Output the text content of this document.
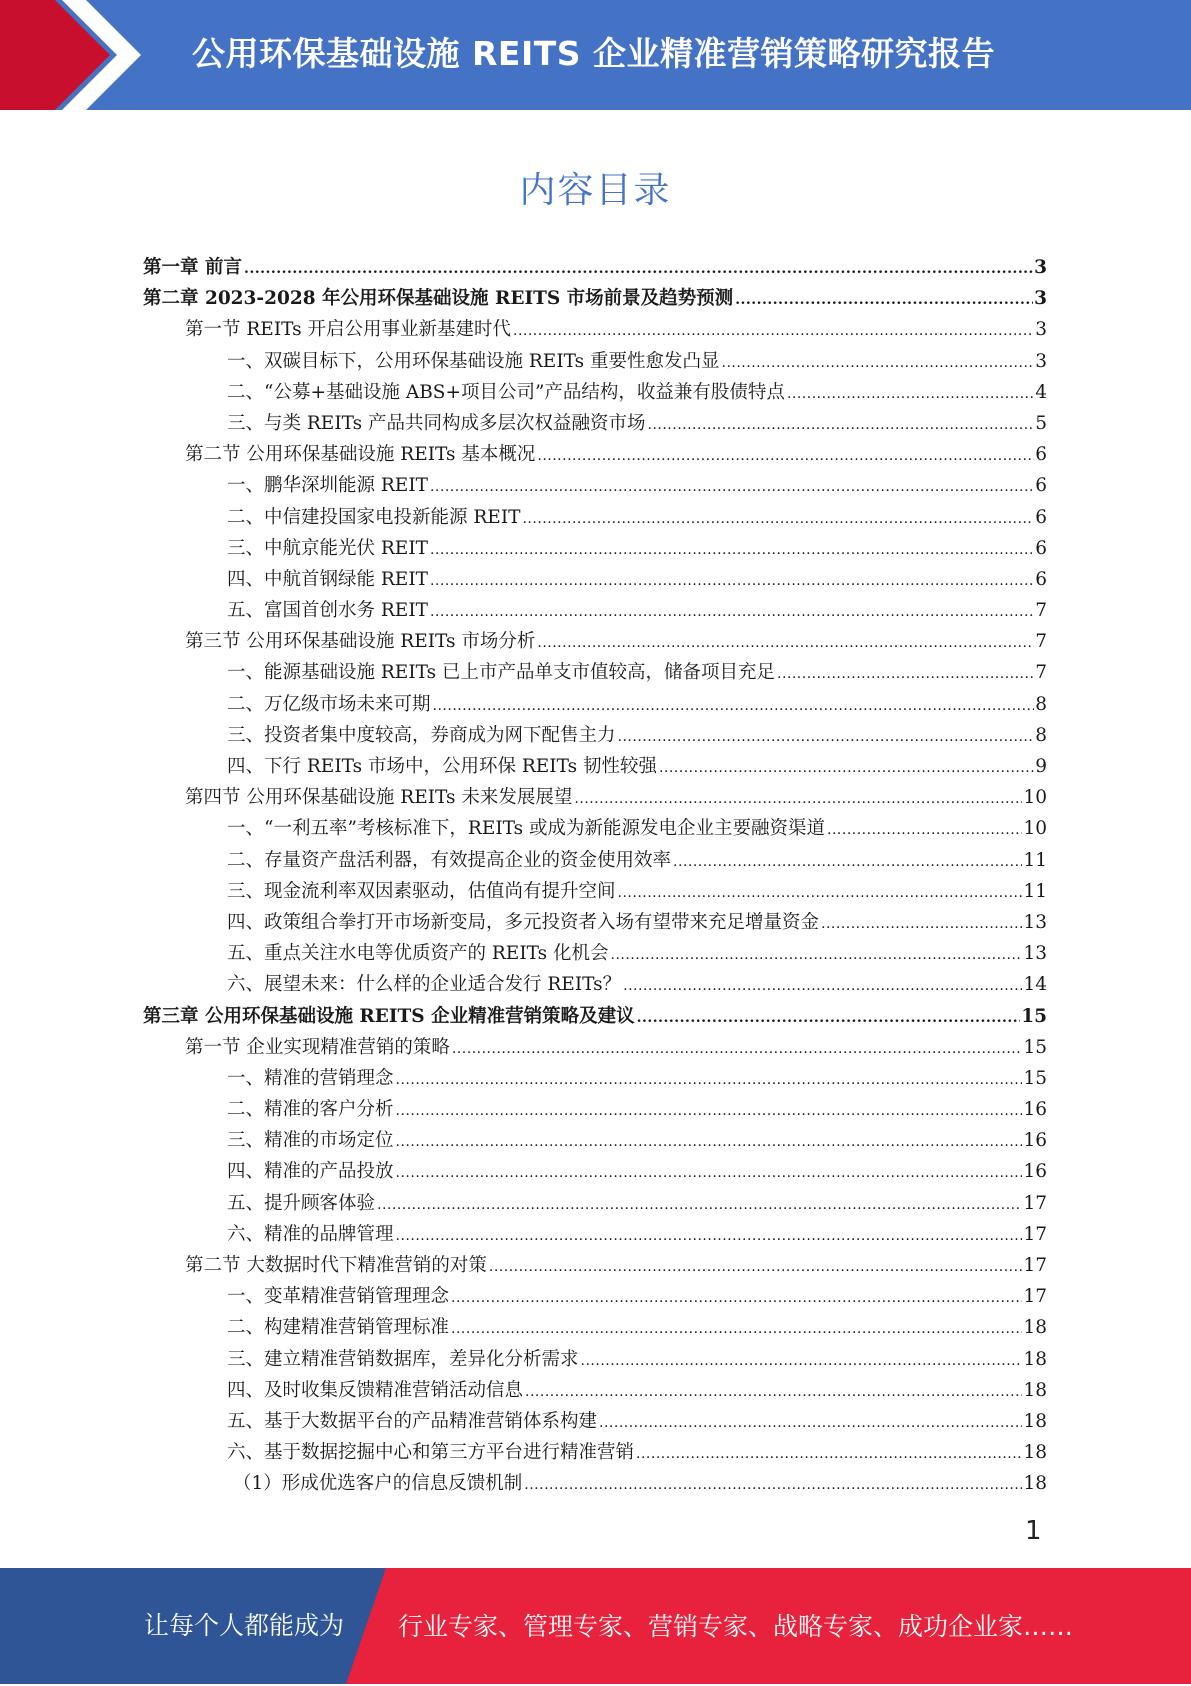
公用环保基础设施 REITS 企业精准营销策略研究报告
内容目录
第一章 前言 .....	3
第二章 2023-2028 年公用环保基础设施 REITS 市场前景及趋势预测 .....	3
第一节 REITs 开启公用事业新基建时代 .....	3
一、双碳目标下，公用环保基础设施 REITs 重要性愈发凸显 .....	3
二、“公募+基础设施 ABS+项目公司”产品结构，收益兼有股债特点 .....	4
三、与类 REITs 产品共同构成多层次权益融资市场 .....	5
第二节 公用环保基础设施 REITs 基本概况 .....	6
一、鹏华深圳能源 REIT .....	6
二、中信建投国家电投新能源 REIT .....	6
三、中航京能光伏 REIT .....	6
四、中航首钢绿能 REIT .....	6
五、富国首创水务 REIT .....	7
第三节 公用环保基础设施 REITs 市场分析 .....	7
一、能源基础设施 REITs 已上市产品单支市值较高，储备项目充足 .....	7
二、万亿级市场未来可期 .....	8
三、投资者集中度较高，券商成为网下配售主力 .....	8
四、下行 REITs 市场中，公用环保 REITs 韧性较强 .....	9
第四节 公用环保基础设施 REITs 未来发展展望 .....	10
一、“一利五率”考核标准下，REITs 或成为新能源发电企业主要融资渠道 .....	10
二、存量资产盘活利器，有效提高企业的资金使用效率 .....	11
三、现金流利率双因素驱动，估值尚有提升空间 .....	11
四、政策组合拳打开市场新变局，多元投资者入场有望带来充足增量资金 .....	13
五、重点关注水电等优质资产的 REITs 化机会 .....	13
六、展望未来：什么样的企业适合发行 REITs？ .....	14
第三章 公用环保基础设施 REITS 企业精准营销策略及建议 .....	15
第一节 企业实现精准营销的策略 .....	15
一、精准的营销理念 .....	15
二、精准的客户分析 .....	16
三、精准的市场定位 .....	16
四、精准的产品投放 .....	16
五、提升顾客体验 .....	17
六、精准的品牌管理 .....	17
第二节 大数据时代下精准营销的对策 .....	17
一、变革精准营销管理理念 .....	17
二、构建精准营销管理标准 .....	18
三、建立精准营销数据库，差异化分析需求 .....	18
四、及时收集反馈精准营销活动信息 .....	18
五、基于大数据平台的产品精准营销体系构建 .....	18
六、基于数据挖掘中心和第三方平台进行精准营销 .....	18
（1）形成优选客户的信息反馈机制 .....	18
1
让每个人都能成为 行业专家、管理专家、营销专家、战略专家、成功企业家……
